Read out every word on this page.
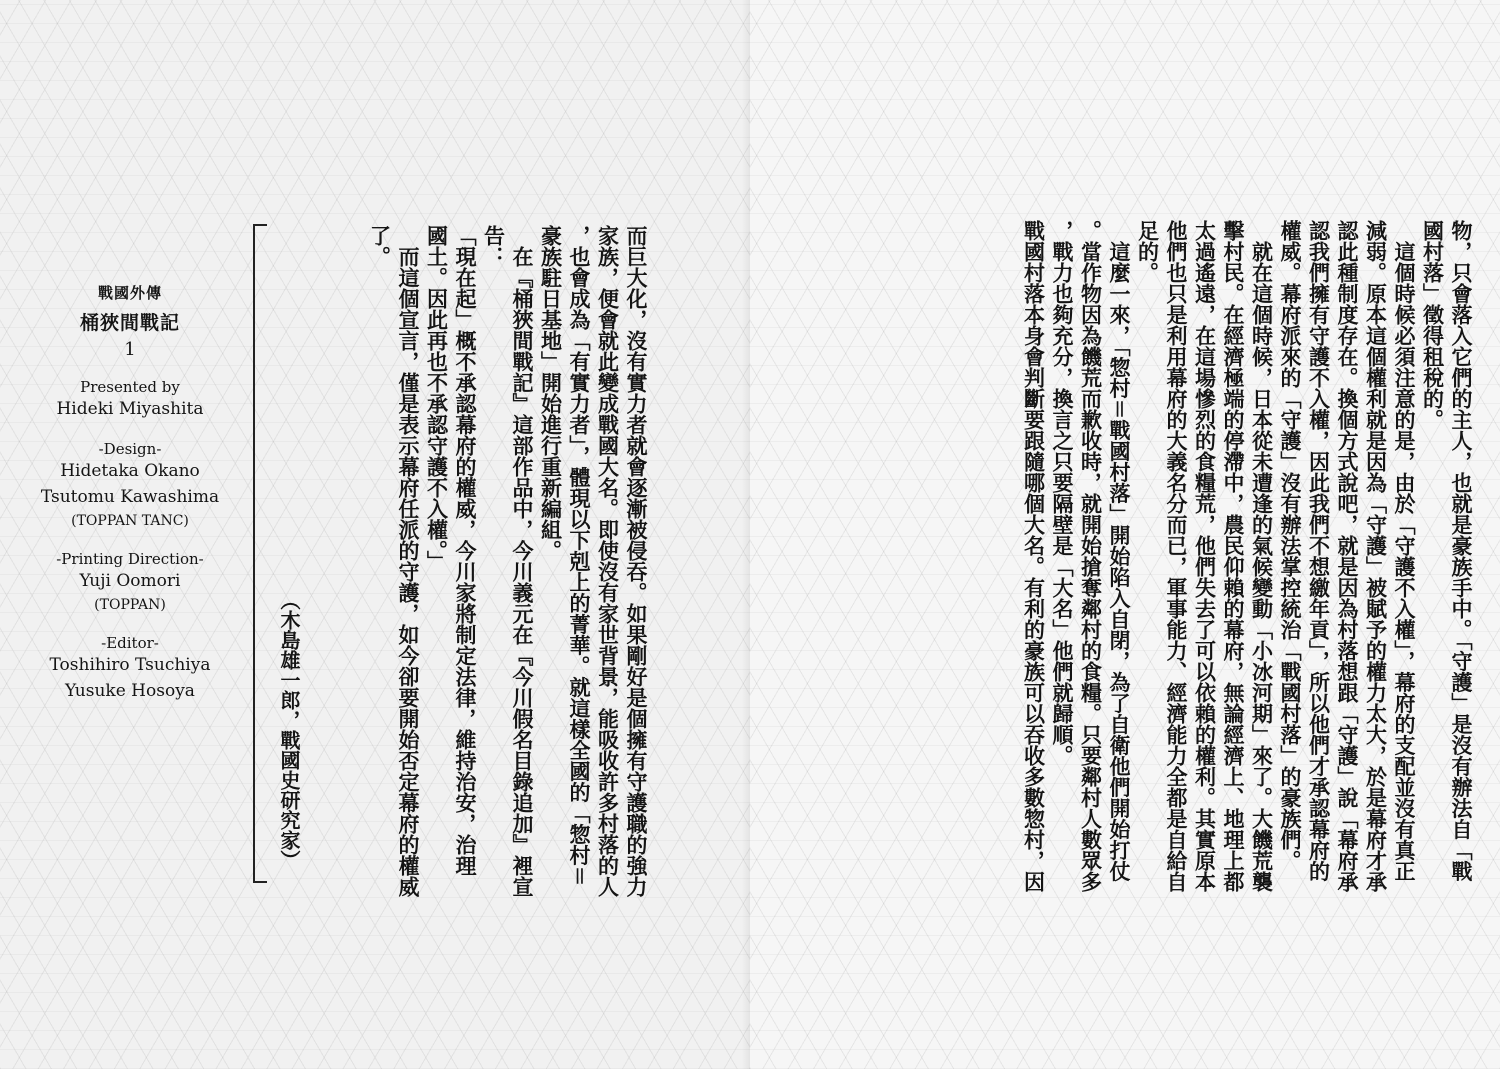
戰國外傳

桶狹間戰記

1

Presented by

Hideki Miyashita

-Design-

Hidetaka Okano

Tsutomu Kawashima

(TOPPAN TANC)

-Printing Direction-

Yuji Oomori

(TOPPAN)

-Editor-

Toshihiro Tsuchiya

Yusuke Hosoya	（木島雄一郎，戰國史研究家）	而巨大化，沒有實力者就會逐漸被侵吞。如果剛好是個擁有守護職的強力
家族，便會就此變成戰國大名。即使沒有家世背景，能吸收許多村落的人
，也會成為「有實力者」，體現以下剋上的菁華。就這樣全國的「惣村＝
豪族駐日基地」開始進行重新編組。
　在『桶狹間戰記』這部作品中，今川義元在『今川假名目錄追加』裡宣
告：
「現在起」概不承認幕府的權威，今川家將制定法律，維持治安，治理
國土。因此再也不承認守護不入權。」
　而這個宣言，僅是表示幕府任派的守護，如今卻要開始否定幕府的權威
了。	物，只會落入它們的主人，也就是豪族手中。「守護」是沒有辦法自「戰
國村落」徵得租稅的。
　這個時候必須注意的是，由於「守護不入權」，幕府的支配並沒有真正
減弱。原本這個權利就是因為「守護」被賦予的權力太大，於是幕府才承
認此種制度存在。換個方式說吧，就是因為村落想跟「守護」說「幕府承
認我們擁有守護不入權，因此我們不想繳年貢」，所以他們才承認幕府的
權威。幕府派來的「守護」沒有辦法掌控統治「戰國村落」的豪族們。
　就在這個時候，日本從未遭逢的氣候變動「小冰河期」來了。大饑荒襲
擊村民。在經濟極端的停滯中，農民仰賴的幕府，無論經濟上、地理上都
太過遙遠，在這場慘烈的食糧荒，他們失去了可以依賴的權利。其實原本
他們也只是利用幕府的大義名分而已，軍事能力、經濟能力全都是自給自
足的。
　這麼一來，「惣村＝戰國村落」開始陷入自閉，為了自衛他們開始打仗
。當作物因為饑荒而歉收時，就開始搶奪鄰村的食糧。只要鄰村人數眾多
，戰力也夠充分，換言之只要隔壁是「大名」他們就歸順。
戰國村落本身會判斷要跟隨哪個大名。有利的豪族可以吞收多數惣村，因
